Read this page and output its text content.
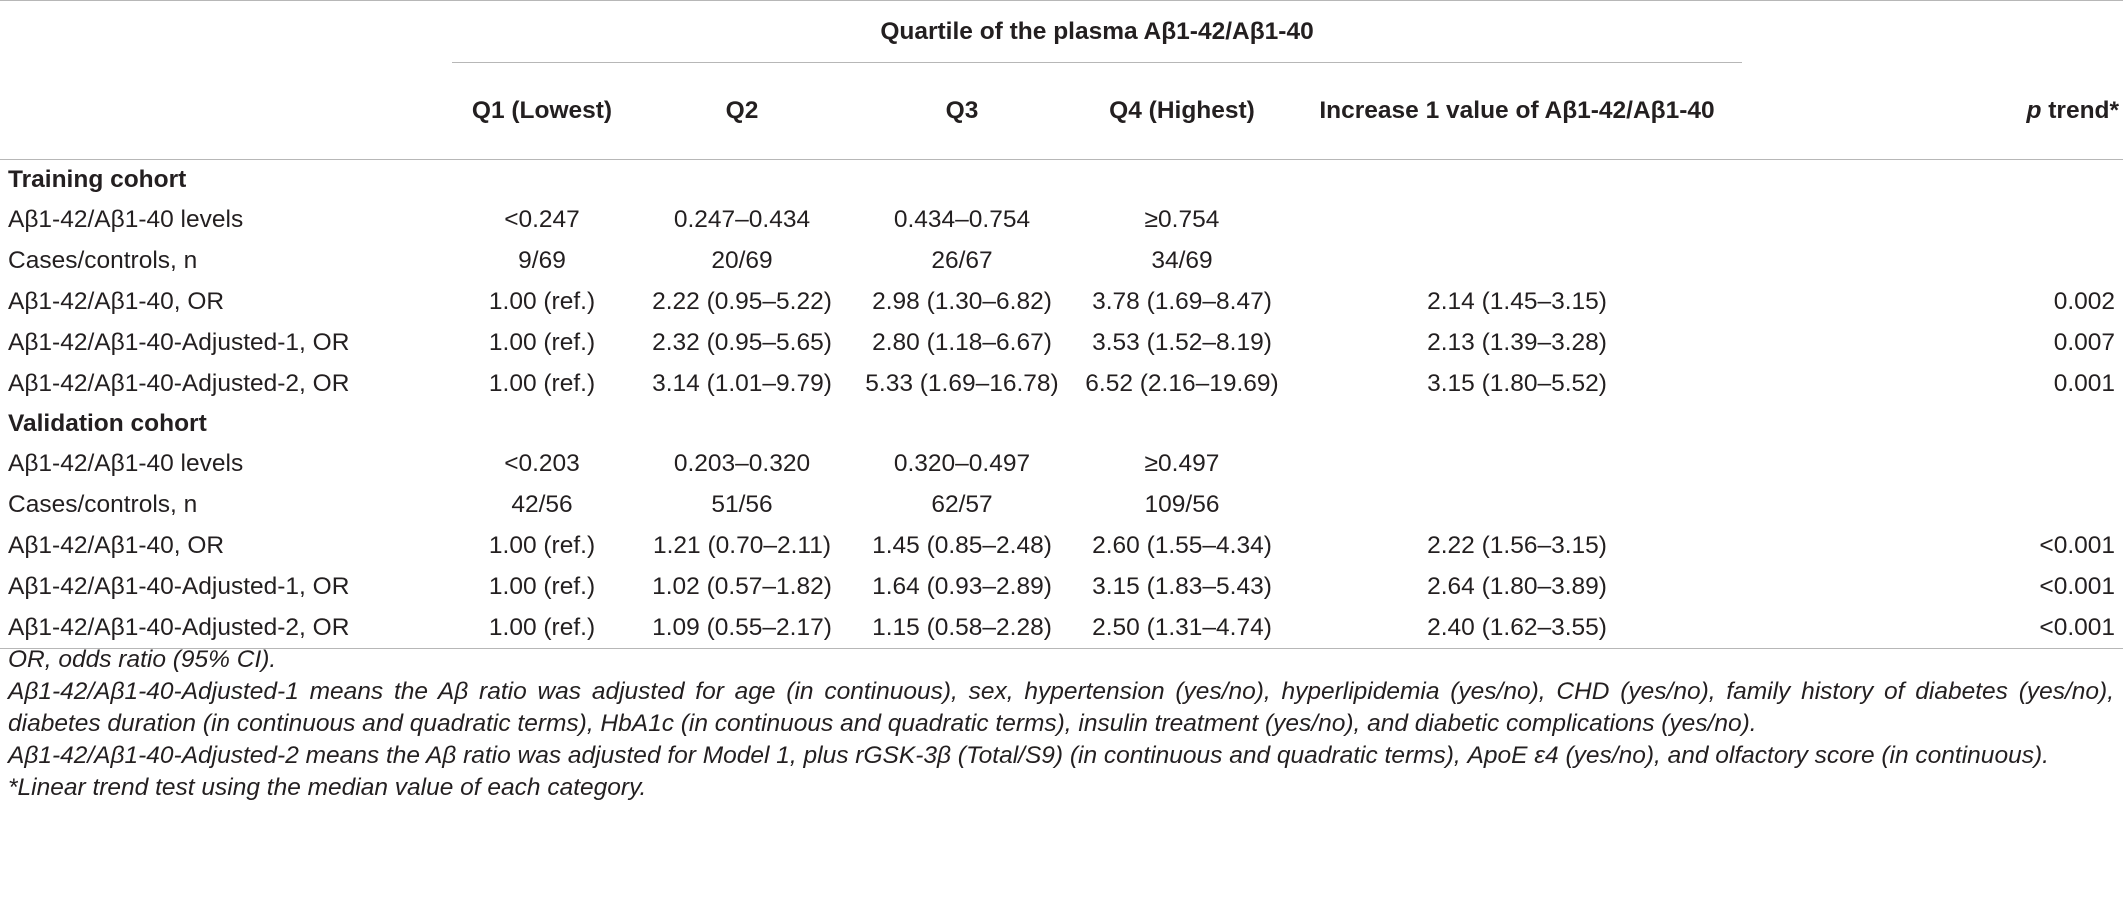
	Quartile of the plasma Aβ1-42/Aβ1-40					
	Q1 (Lowest)	Q2	Q3	Q4 (Highest)	Increase 1 value of Aβ1-42/Aβ1-40	p trend*
Training cohort						
Aβ1-42/Aβ1-40 levels	<0.247	0.247–0.434	0.434–0.754	≥0.754		
Cases/controls, n	9/69	20/69	26/67	34/69		
Aβ1-42/Aβ1-40, OR	1.00 (ref.)	2.22 (0.95–5.22)	2.98 (1.30–6.82)	3.78 (1.69–8.47)	2.14 (1.45–3.15)	0.002
Aβ1-42/Aβ1-40-Adjusted-1, OR	1.00 (ref.)	2.32 (0.95–5.65)	2.80 (1.18–6.67)	3.53 (1.52–8.19)	2.13 (1.39–3.28)	0.007
Aβ1-42/Aβ1-40-Adjusted-2, OR	1.00 (ref.)	3.14 (1.01–9.79)	5.33 (1.69–16.78)	6.52 (2.16–19.69)	3.15 (1.80–5.52)	0.001
Validation cohort						
Aβ1-42/Aβ1-40 levels	<0.203	0.203–0.320	0.320–0.497	≥0.497		
Cases/controls, n	42/56	51/56	62/57	109/56		
Aβ1-42/Aβ1-40, OR	1.00 (ref.)	1.21 (0.70–2.11)	1.45 (0.85–2.48)	2.60 (1.55–4.34)	2.22 (1.56–3.15)	<0.001
Aβ1-42/Aβ1-40-Adjusted-1, OR	1.00 (ref.)	1.02 (0.57–1.82)	1.64 (0.93–2.89)	3.15 (1.83–5.43)	2.64 (1.80–3.89)	<0.001
Aβ1-42/Aβ1-40-Adjusted-2, OR	1.00 (ref.)	1.09 (0.55–2.17)	1.15 (0.58–2.28)	2.50 (1.31–4.74)	2.40 (1.62–3.55)	<0.001

OR, odds ratio (95% CI).

Aβ1-42/Aβ1-40-Adjusted-1 means the Aβ ratio was adjusted for age (in continuous), sex, hypertension (yes/no), hyperlipidemia (yes/no), CHD (yes/no), family history of diabetes (yes/no), diabetes duration (in continuous and quadratic terms), HbA1c (in continuous and quadratic terms), insulin treatment (yes/no), and diabetic complications (yes/no).

Aβ1-42/Aβ1-40-Adjusted-2 means the Aβ ratio was adjusted for Model 1, plus rGSK-3β (Total/S9) (in continuous and quadratic terms), ApoE ε4 (yes/no), and olfactory score (in continuous).

*Linear trend test using the median value of each category.
